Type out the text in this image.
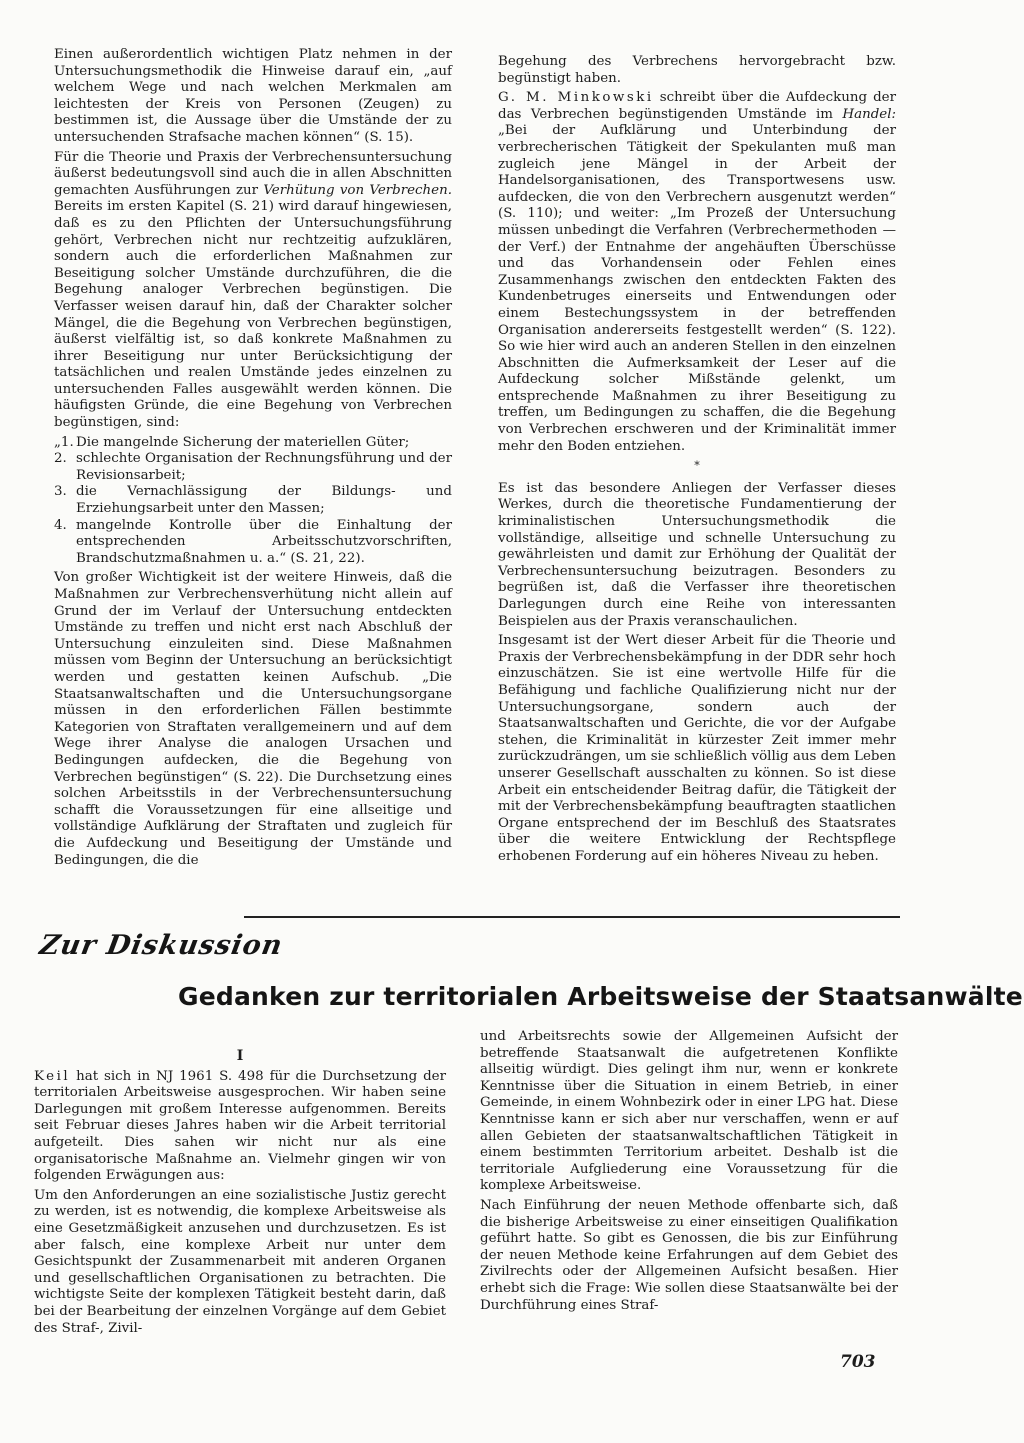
Einen außerordentlich wichtigen Platz nehmen in der Untersuchungsmethodik die Hinweise darauf ein, „auf welchem Wege und nach welchen Merkmalen am leichtesten der Kreis von Personen (Zeugen) zu bestimmen ist, die Aussage über die Umstände der zu untersuchenden Strafsache machen können“ (S. 15).

Für die Theorie und Praxis der Verbrechensuntersuchung äußerst bedeutungsvoll sind auch die in allen Abschnitten gemachten Ausführungen zur Verhütung von Verbrechen. Bereits im ersten Kapitel (S. 21) wird darauf hingewiesen, daß es zu den Pflichten der Untersuchungsführung gehört, Verbrechen nicht nur rechtzeitig aufzuklären, sondern auch die erforderlichen Maßnahmen zur Beseitigung solcher Umstände durchzuführen, die die Begehung analoger Verbrechen begünstigen. Die Verfasser weisen darauf hin, daß der Charakter solcher Mängel, die die Begehung von Verbrechen begünstigen, äußerst vielfältig ist, so daß konkrete Maßnahmen zu ihrer Beseitigung nur unter Berücksichtigung der tatsächlichen und realen Umstände jedes einzelnen zu untersuchenden Falles ausgewählt werden können. Die häufigsten Gründe, die eine Begehung von Verbrechen begünstigen, sind:

„1. Die mangelnde Sicherung der materiellen Güter;
2. schlechte Organisation der Rechnungsführung und der Revisionsarbeit;
3. die Vernachlässigung der Bildungs- und Erziehungsarbeit unter den Massen;
4. mangelnde Kontrolle über die Einhaltung der entsprechenden Arbeitsschutzvorschriften, Brandschutzmaßnahmen u. a.“ (S. 21, 22).

Von großer Wichtigkeit ist der weitere Hinweis, daß die Maßnahmen zur Verbrechensverhütung nicht allein auf Grund der im Verlauf der Untersuchung entdeckten Umstände zu treffen und nicht erst nach Abschluß der Untersuchung einzuleiten sind. Diese Maßnahmen müssen vom Beginn der Untersuchung an berücksichtigt werden und gestatten keinen Aufschub. „Die Staatsanwaltschaften und die Untersuchungsorgane müssen in den erforderlichen Fällen bestimmte Kategorien von Straftaten verallgemeinern und auf dem Wege ihrer Analyse die analogen Ursachen und Bedingungen aufdecken, die die Begehung von Verbrechen begünstigen“ (S. 22). Die Durchsetzung eines solchen Arbeitsstils in der Verbrechensuntersuchung schafft die Voraussetzungen für eine allseitige und vollständige Aufklärung der Straftaten und zugleich für die Aufdeckung und Beseitigung der Umstände und Bedingungen, die die

Begehung des Verbrechens hervorgebracht bzw. begünstigt haben.

G. M. Minkowski schreibt über die Aufdeckung der das Verbrechen begünstigenden Umstände im Handel: „Bei der Aufklärung und Unterbindung der verbrecherischen Tätigkeit der Spekulanten muß man zugleich jene Mängel in der Arbeit der Handelsorganisationen, des Transportwesens usw. aufdecken, die von den Verbrechern ausgenutzt werden“ (S. 110); und weiter: „Im Prozeß der Untersuchung müssen unbedingt die Verfahren (Verbrechermethoden — der Verf.) der Entnahme der angehäuften Überschüsse und das Vorhandensein oder Fehlen eines Zusammenhangs zwischen den entdeckten Fakten des Kundenbetruges einerseits und Entwendungen oder einem Bestechungssystem in der betreffenden Organisation andererseits festgestellt werden“ (S. 122). So wie hier wird auch an anderen Stellen in den einzelnen Abschnitten die Aufmerksamkeit der Leser auf die Aufdeckung solcher Mißstände gelenkt, um entsprechende Maßnahmen zu ihrer Beseitigung zu treffen, um Bedingungen zu schaffen, die die Begehung von Verbrechen erschweren und der Kriminalität immer mehr den Boden entziehen.

*

Es ist das besondere Anliegen der Verfasser dieses Werkes, durch die theoretische Fundamentierung der kriminalistischen Untersuchungsmethodik die vollständige, allseitige und schnelle Untersuchung zu gewährleisten und damit zur Erhöhung der Qualität der Verbrechensuntersuchung beizutragen. Besonders zu begrüßen ist, daß die Verfasser ihre theoretischen Darlegungen durch eine Reihe von interessanten Beispielen aus der Praxis veranschaulichen.

Insgesamt ist der Wert dieser Arbeit für die Theorie und Praxis der Verbrechensbekämpfung in der DDR sehr hoch einzuschätzen. Sie ist eine wertvolle Hilfe für die Befähigung und fachliche Qualifizierung nicht nur der Untersuchungsorgane, sondern auch der Staatsanwaltschaften und Gerichte, die vor der Aufgabe stehen, die Kriminalität in kürzester Zeit immer mehr zurückzudrängen, um sie schließlich völlig aus dem Leben unserer Gesellschaft ausschalten zu können. So ist diese Arbeit ein entscheidender Beitrag dafür, die Tätigkeit der mit der Verbrechensbekämpfung beauftragten staatlichen Organe entsprechend der im Beschluß des Staatsrates über die weitere Entwicklung der Rechtspflege erhobenen Forderung auf ein höheres Niveau zu heben.

Zur Diskussion
Gedanken zur territorialen Arbeitsweise der Staatsanwälte
I

Keil hat sich in NJ 1961 S. 498 für die Durchsetzung der territorialen Arbeitsweise ausgesprochen. Wir haben seine Darlegungen mit großem Interesse aufgenommen. Bereits seit Februar dieses Jahres haben wir die Arbeit territorial aufgeteilt. Dies sahen wir nicht nur als eine organisatorische Maßnahme an. Vielmehr gingen wir von folgenden Erwägungen aus:

Um den Anforderungen an eine sozialistische Justiz gerecht zu werden, ist es notwendig, die komplexe Arbeitsweise als eine Gesetzmäßigkeit anzusehen und durchzusetzen. Es ist aber falsch, eine komplexe Arbeit nur unter dem Gesichtspunkt der Zusammenarbeit mit anderen Organen und gesellschaftlichen Organisationen zu betrachten. Die wichtigste Seite der komplexen Tätigkeit besteht darin, daß bei der Bearbeitung der einzelnen Vorgänge auf dem Gebiet des Straf-, Zivil-

und Arbeitsrechts sowie der Allgemeinen Aufsicht der betreffende Staatsanwalt die aufgetretenen Konflikte allseitig würdigt. Dies gelingt ihm nur, wenn er konkrete Kenntnisse über die Situation in einem Betrieb, in einer Gemeinde, in einem Wohnbezirk oder in einer LPG hat. Diese Kenntnisse kann er sich aber nur verschaffen, wenn er auf allen Gebieten der staatsanwaltschaftlichen Tätigkeit in einem bestimmten Territorium arbeitet. Deshalb ist die territoriale Aufgliederung eine Voraussetzung für die komplexe Arbeitsweise.

Nach Einführung der neuen Methode offenbarte sich, daß die bisherige Arbeitsweise zu einer einseitigen Qualifikation geführt hatte. So gibt es Genossen, die bis zur Einführung der neuen Methode keine Erfahrungen auf dem Gebiet des Zivilrechts oder der Allgemeinen Aufsicht besaßen. Hier erhebt sich die Frage: Wie sollen diese Staatsanwälte bei der Durchführung eines Straf-

703
